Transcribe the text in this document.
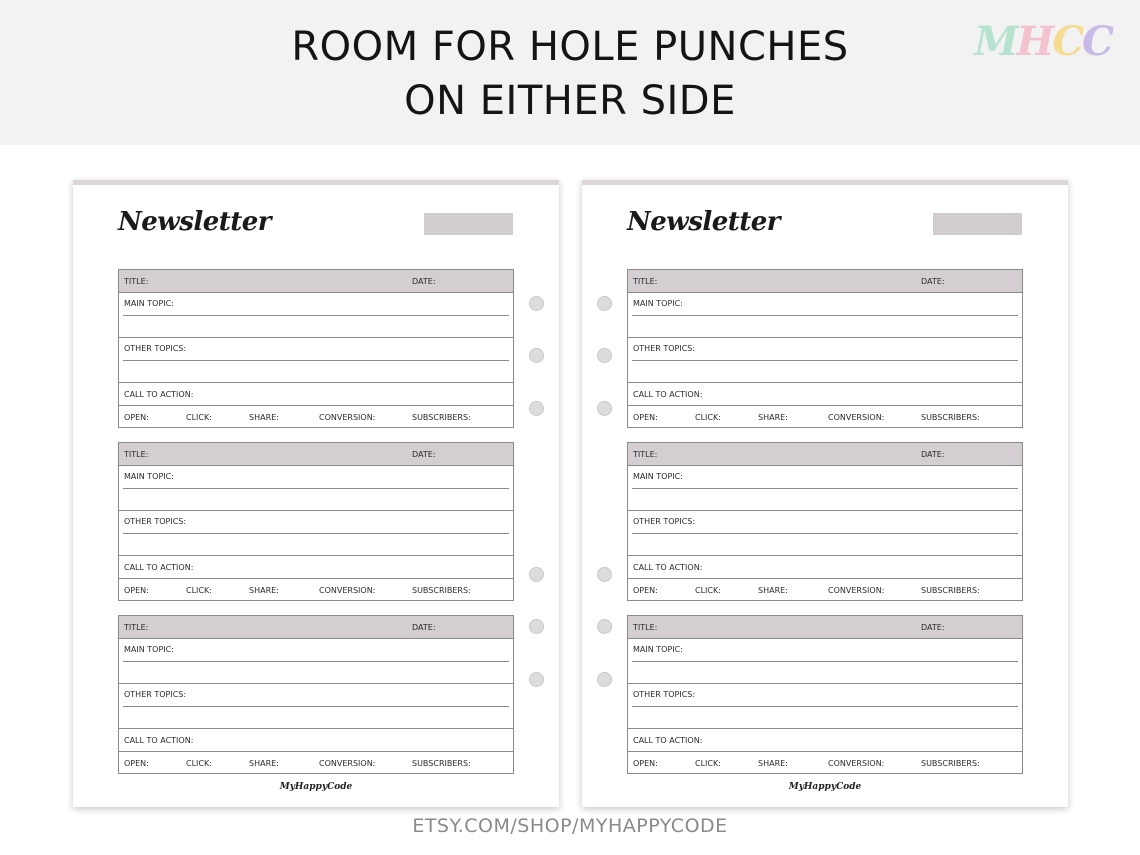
ROOM FOR HOLE PUNCHES
ON EITHER SIDE
MHCC
Newsletter
TITLE:	DATE:
MAIN TOPIC:
OTHER TOPICS:
CALL TO ACTION:
OPEN:	CLICK:	SHARE:	CONVERSION:	SUBSCRIBERS:
TITLE:	DATE:
MAIN TOPIC:
OTHER TOPICS:
CALL TO ACTION:
OPEN:	CLICK:	SHARE:	CONVERSION:	SUBSCRIBERS:
TITLE:	DATE:
MAIN TOPIC:
OTHER TOPICS:
CALL TO ACTION:
OPEN:	CLICK:	SHARE:	CONVERSION:	SUBSCRIBERS:
MyHappyCode
Newsletter
TITLE:	DATE:
MAIN TOPIC:
OTHER TOPICS:
CALL TO ACTION:
OPEN:	CLICK:	SHARE:	CONVERSION:	SUBSCRIBERS:
TITLE:	DATE:
MAIN TOPIC:
OTHER TOPICS:
CALL TO ACTION:
OPEN:	CLICK:	SHARE:	CONVERSION:	SUBSCRIBERS:
TITLE:	DATE:
MAIN TOPIC:
OTHER TOPICS:
CALL TO ACTION:
OPEN:	CLICK:	SHARE:	CONVERSION:	SUBSCRIBERS:
MyHappyCode
ETSY.COM/SHOP/MYHAPPYCODE
